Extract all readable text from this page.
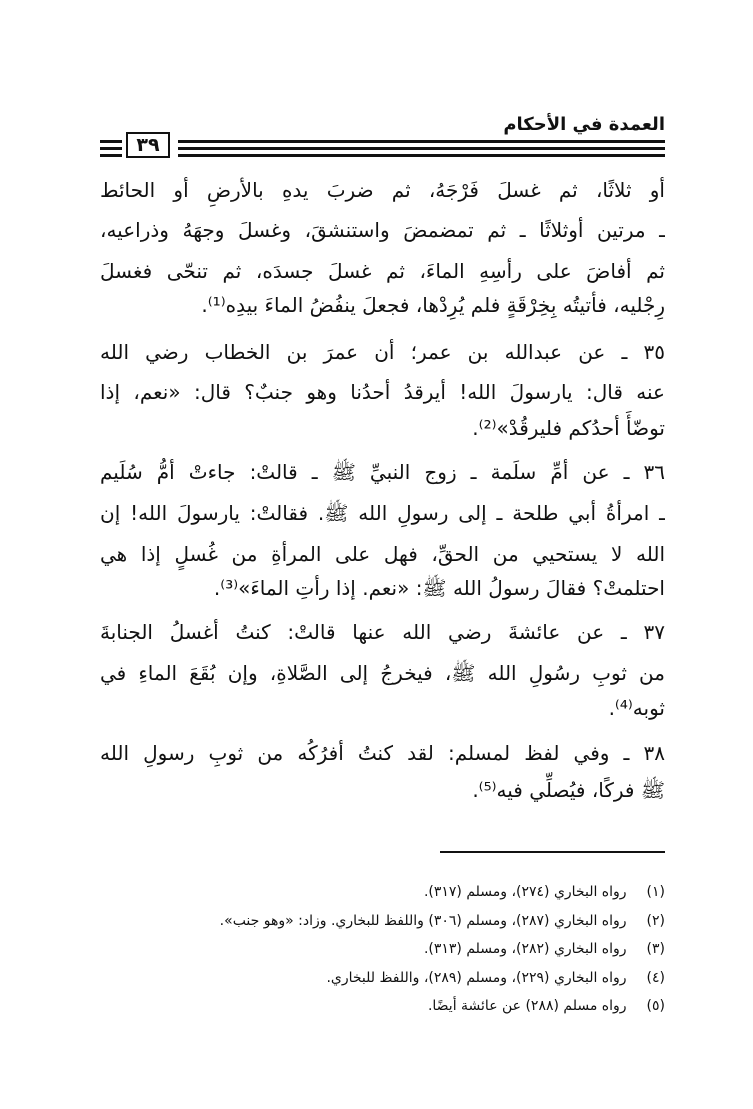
العمدة في الأحكام
٣٩
أو ثلاثًا، ثم غسلَ فَرْجَهُ، ثم ضربَ يدهِ بالأرضِ أو الحائط
ـ مرتين أوثلاثًا ـ ثم تمضمضَ واستنشقَ، وغسلَ وجهَهُ وذراعيه،
ثم أفاضَ على رأسِهِ الماءَ، ثم غسلَ جسدَه، ثم تنحّى فغسلَ
رِجْليه، فأتيتُه بِخِرْقَةٍ فلم يُرِدْها، فجعلَ ينفُضُ الماءَ بيدِه⁽¹⁾.
٣٥ ـ عن عبدالله بن عمر؛ أن عمرَ بن الخطاب رضي الله
عنه قال: يارسولَ الله! أيرقدُ أحدُنا وهو جنبٌ؟ قال: «نعم، إذا
توضّأَ أحدُكم فليرقُدْ»⁽²⁾.
٣٦ ـ عن أمِّ سلَمة ـ زوج النبيِّ ﷺ ـ قالتْ: جاءتْ أمُّ سُلَيم
ـ امرأةُ أبي طلحة ـ إلى رسولِ الله ﷺ. فقالتْ: يارسولَ الله! إن
الله لا يستحيي من الحقِّ، فهل على المرأةِ من غُسلٍ إذا هي
احتلمتْ؟ فقالَ رسولُ الله ﷺ: «نعم. إذا رأتِ الماءَ»⁽³⁾.
٣٧ ـ عن عائشةَ رضي الله عنها قالتْ: كنتُ أغسلُ الجنابةَ
من ثوبِ رسُولِ الله ﷺ، فيخرجُ إلى الصَّلاةِ، وإن بُقَعَ الماءِ في
ثوبه⁽⁴⁾.
٣٨ ـ وفي لفظ لمسلم: لقد كنتُ أفرُكُه من ثوبِ رسولِ الله
ﷺ فركًا، فيُصلِّي فيه⁽⁵⁾.
(١) رواه البخاري (٢٧٤)، ومسلم (٣١٧).
(٢) رواه البخاري (٢٨٧)، ومسلم (٣٠٦) واللفظ للبخاري. وزاد: «وهو جنب».
(٣) رواه البخاري (٢٨٢)، ومسلم (٣١٣).
(٤) رواه البخاري (٢٢٩)، ومسلم (٢٨٩)، واللفظ للبخاري.
(٥) رواه مسلم (٢٨٨) عن عائشة أيضًا.
